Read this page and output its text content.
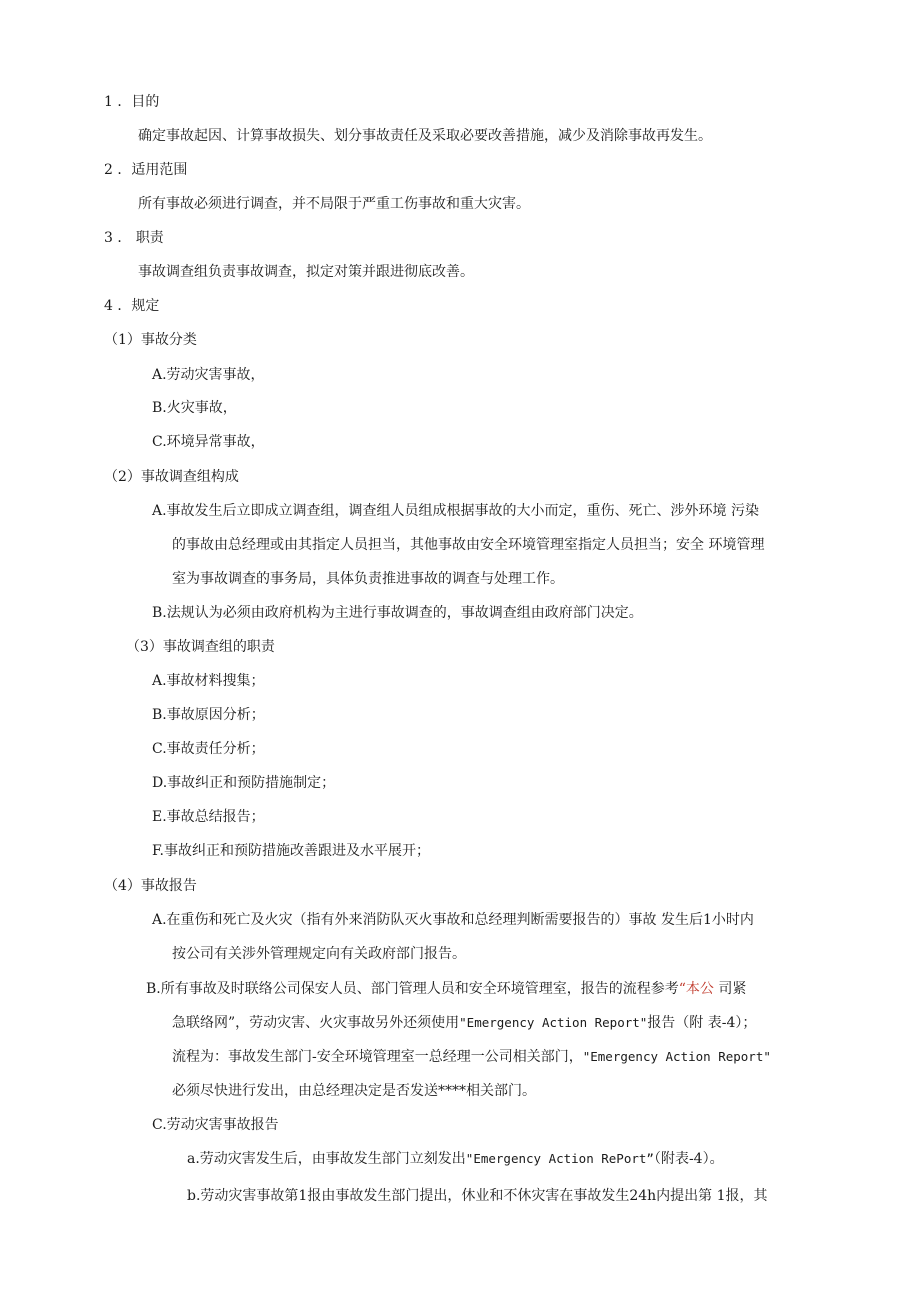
1 ．目的
确定事故起因、计算事故损失、划分事故责任及采取必要改善措施，减少及消除事故再发生。
2 ．适用范围
所有事故必须进行调查，并不局限于严重工伤事故和重大灾害。
3 ． 职责
事故调查组负责事故调查，拟定对策并跟进彻底改善。
4 ．规定
（1）事故分类
A.劳动灾害事故，
B.火灾事故，
C.环境异常事故，
（2）事故调查组构成
A.事故发生后立即成立调查组，调查组人员组成根据事故的大小而定，重伤、死亡、涉外环境 污染
的事故由总经理或由其指定人员担当，其他事故由安全环境管理室指定人员担当；安全 环境管理
室为事故调查的事务局，具体负责推进事故的调查与处理工作。
B.法规认为必须由政府机构为主进行事故调查的，事故调查组由政府部门决定。
（3）事故调查组的职责
A.事故材料搜集；
B.事故原因分析；
C.事故责任分析；
D.事故纠正和预防措施制定；
E.事故总结报告；
F.事故纠正和预防措施改善跟进及水平展开；
（4）事故报告
A.在重伤和死亡及火灾（指有外来消防队灭火事故和总经理判断需要报告的）事故 发生后1小时内
按公司有关涉外管理规定向有关政府部门报告。
B.所有事故及时联络公司保安人员、部门管理人员和安全环境管理室，报告的流程参考“本公 司紧
急联络网”，劳动灾害、火灾事故另外还须使用"Emergency Action Report"报告（附 表-4）；
流程为：事故发生部门-安全环境管理室一总经理一公司相关部门，"Emergency Action Report"
必须尽快进行发出，由总经理决定是否发送****相关部门。
C.劳动灾害事故报告
a.劳动灾害发生后，由事故发生部门立刻发出"Emergency Action RePort”（附表-4）。
b.劳动灾害事故第1报由事故发生部门提出，休业和不休灾害在事故发生24h内提出第 1报，其
